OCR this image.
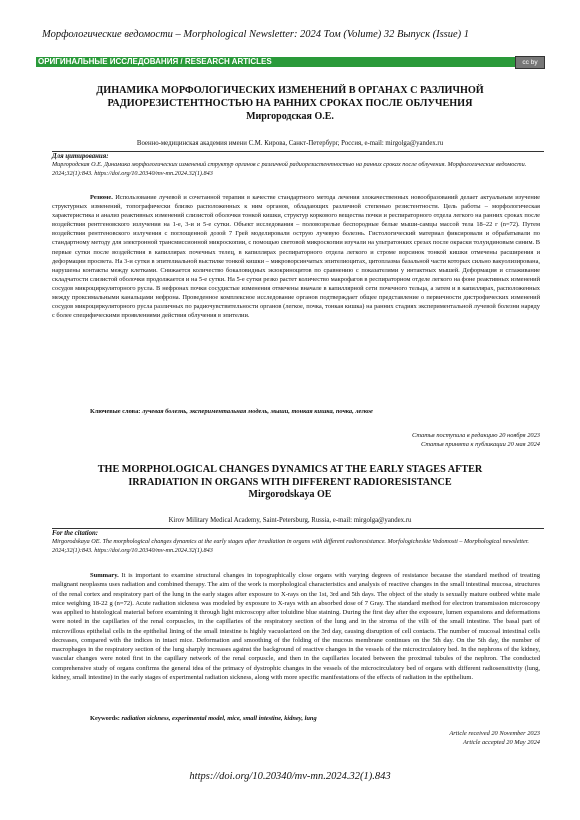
Морфологические ведомости – Morphological Newsletter: 2024 Том (Volume) 32 Выпуск (Issue) 1
ОРИГИНАЛЬНЫЕ ИССЛЕДОВАНИЯ / RESEARCH ARTICLES	cc by
ДИНАМИКА МОРФОЛОГИЧЕСКИХ ИЗМЕНЕНИЙ В ОРГАНАХ С РАЗЛИЧНОЙ
РАДИОРЕЗИСТЕНТНОСТЬЮ НА РАННИХ СРОКАХ ПОСЛЕ ОБЛУЧЕНИЯ
Миргородская О.Е.
Военно-медицинская академия имени С.М. Кирова, Санкт-Петербург, Россия, e-mail: mirgolga@yandex.ru
Для цитирования:
Миргородская О.Е. Динамика морфологических изменений структур органов с различной радиорезистентностью на ранних сроках после облучения. Морфологические ведомости. 2024;32(1):843. https://doi.org/10.20340/mv-mn.2024.32(1).843
Резюме. Использование лучевой и сочетанной терапии в качестве стандартного метода лечения злокачественных новообразований делает актуальным изучение структурных изменений, топографически близко расположенных к ним органов, обладающих различной степенью резистентности. Цель работы – морфологическая характеристика и анализ реактивных изменений слизистой оболочки тонкой кишки, структур коркового вещества почки и респираторного отдела легкого на ранних сроках после воздействия рентгеновского излучения на 1-е, 3-и и 5-е сутки. Объект исследования – половозрелые беспородные белые мыши-самцы массой тела 18–22 г (n=72). Путем воздействия рентгеновского излучения с поглощенной дозой 7 Грей моделировали острую лучевую болезнь. Гистологический материал фиксировали и обрабатывали по стандартному методу для электронной трансмиссионной микроскопии, с помощью световой микроскопии изучали на ультратонких срезах после окраски толуидиновым синим. В первые сутки после воздействия в капиллярах почечных телец, в капиллярах респираторного отдела легкого и строме ворсинок тонкой кишки отмечены расширения и деформации просвета. На 3-и сутки в эпителиальной выстилке тонкой кишки – микроворсинчатых эпителиоцитах, цитоплазма базальной части которых сильно вакуолизирована, нарушены контакты между клетками. Снижается количество бокаловидных экзокриноцитов по сравнению с показателями у интактных мышей. Деформация и сглаживание складчатости слизистой оболочки продолжается и на 5-е сутки. На 5-е сутки резко растет количество макрофагов в респираторном отделе легкого на фоне реактивных изменений сосудов микроциркуляторного русла. В нефронах почки сосудистые изменения отмечены вначале в капиллярной сети почечного тельца, а затем и в капиллярах, расположенных между проксимальными канальцами нефрона. Проведенное комплексное исследование органов подтверждает общее представление о первичности дистрофических изменений сосудов микроциркуляторного русла различных по радиочувствительности органов (легкое, почка, тонкая кишка) на ранних стадиях экспериментальной лучевой болезни наряду с более специфическими проявлениями действия облучения в эпителии.
Ключевые слова: лучевая болезнь, экспериментальная модель, мыши, тонкая кишка, почка, легкое
Статья поступила в редакцию 20 ноября 2023
Статья принята к публикации 20 мая 2024
THE MORPHOLOGICAL CHANGES DYNAMICS AT THE EARLY STAGES AFTER
IRRADIATION IN ORGANS WITH DIFFERENT RADIORESISTANCE
Mirgorodskaya OE
Kirov Military Medical Academy, Saint-Petersburg, Russia, e-mail: mirgolga@yandex.ru
For the citation:
Mirgorodskaya OE. The morphological changes dynamics at the early stages after irradiation in organs with different radioresistance. Morfologicheskie Vedomosti – Morphological newsletter. 2024;32(1):843. https://doi.org/10.20340/mv-mn.2024.32(1).843
Summary. It is important to examine structural changes in topographically close organs with varying degrees of resistance because the standard method of treating malignant neoplasms uses radiation and combined therapy. The aim of the work is morphological characteristics and analysis of reactive changes in the small intestinal mucosa, structures of the renal cortex and respiratory part of the lung in the early stages after exposure to X-rays on the 1st, 3rd and 5th days. The object of the study is sexually mature outbred white male mice weighing 18-22 g (n=72). Acute radiation sickness was modeled by exposure to X-rays with an absorbed dose of 7 Gray. The standard method for electron transmission microscopy was applied to histological material before examining it through light microscopy after toluidine blue staining. During the first day after the exposure, lumen expansions and deformations were noted in the capillaries of the renal corpuscles, in the capillaries of the respiratory section of the lung and in the stroma of the villi of the small intestine. The basal part of microvillous epithelial cells in the epithelial lining of the small intestine is highly vacuolarized on the 3rd day, causing disruption of cell contacts. The number of mucosal intestinal cells decreases, compared with the indices in intact mice. Deformation and smoothing of the folding of the mucous membrane continues on the 5th day. On the 5th day, the number of macrophages in the respiratory section of the lung sharply increases against the background of reactive changes in the vessels of the microcirculatory bed. In the nephrons of the kidney, vascular changes were noted first in the capillary network of the renal corpuscle, and then in the capillaries located between the proximal tubules of the nephron. The conducted comprehensive study of organs confirms the general idea of the primacy of dystrophic changes in the vessels of the microcirculatory bed of organs with different radiosensitivity (lung, kidney, small intestine) in the early stages of experimental radiation sickness, along with more specific manifestations of the effects of radiation in the epithelium.
Keywords: radiation sickness, experimental model, mice, small intestine, kidney, lung
Article received 20 November 2023
Article accepted 20 May 2024
https://doi.org/10.20340/mv-mn.2024.32(1).843
